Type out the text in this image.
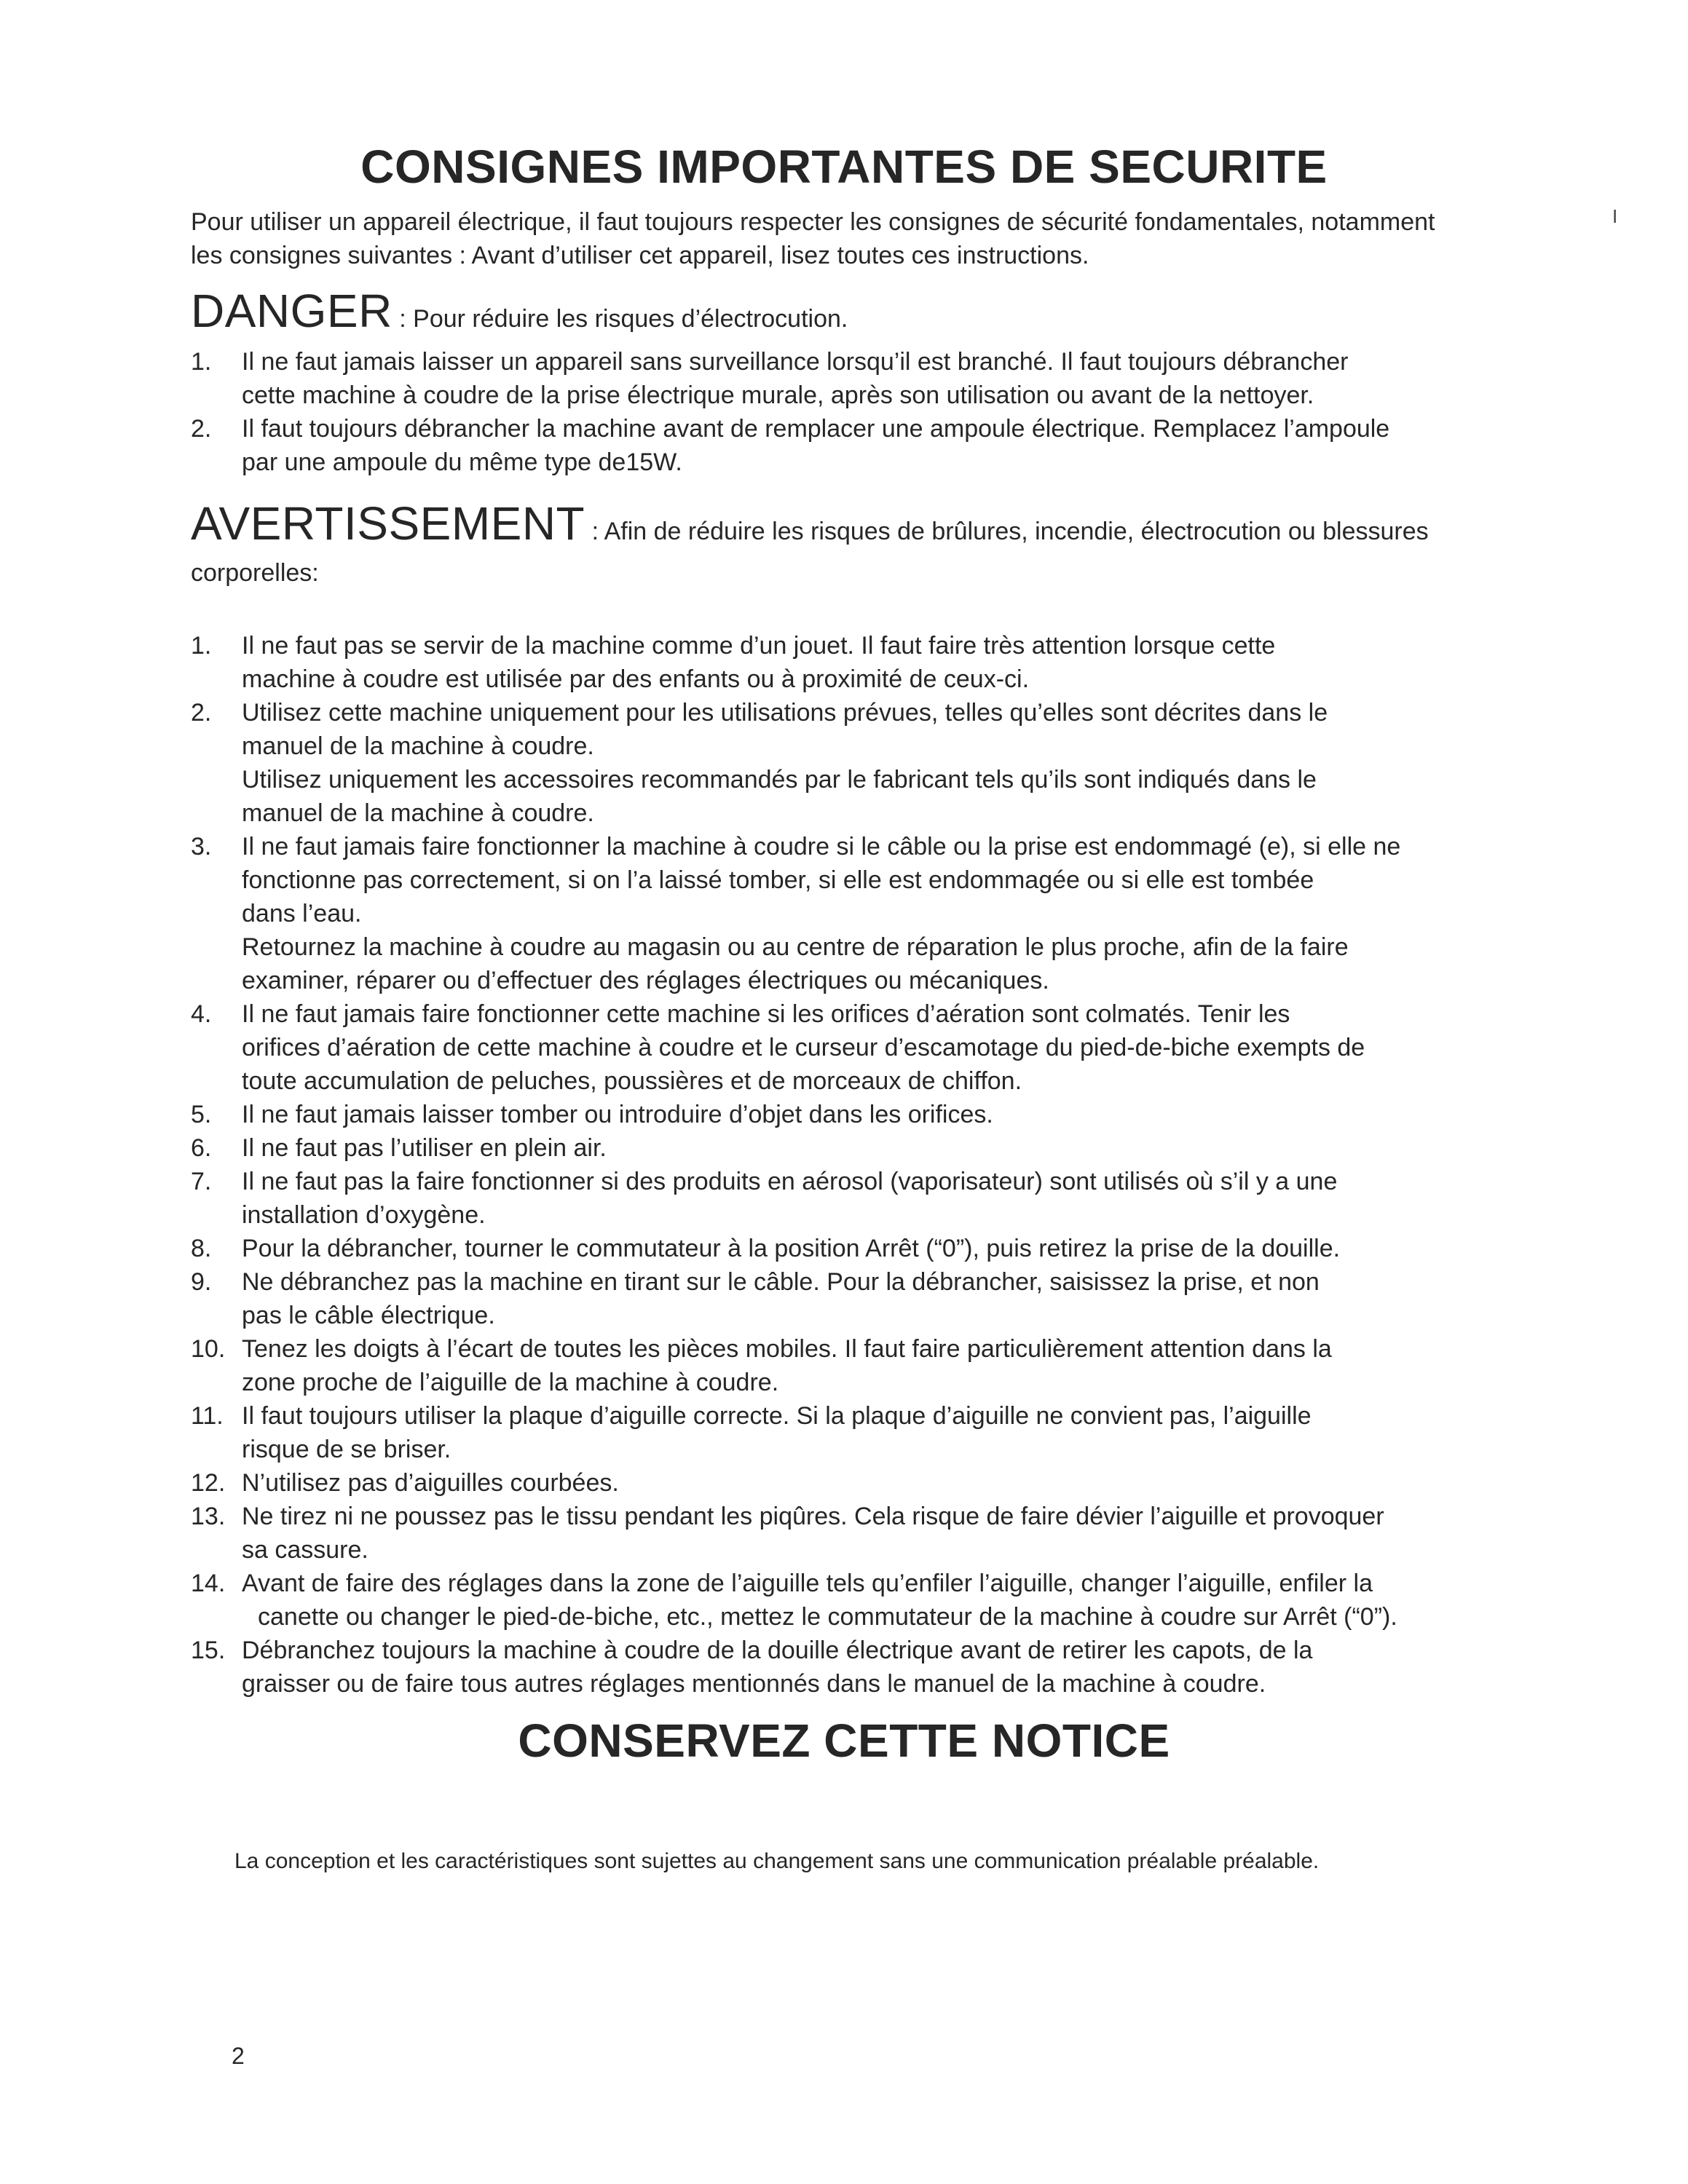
CONSIGNES IMPORTANTES DE SECURITE
I
Pour utiliser un appareil électrique, il faut toujours respecter les consignes de sécurité fondamentales, notamment
les consignes suivantes : Avant d’utiliser cet appareil, lisez toutes ces instructions.
DANGER : Pour réduire les risques d’électrocution.
1. Il ne faut jamais laisser un appareil sans surveillance lorsqu’il est branché. Il faut toujours débrancher
cette machine à coudre de la prise électrique murale, après son utilisation ou avant de la nettoyer.
2. Il faut toujours débrancher la machine avant de remplacer une ampoule électrique. Remplacez l’ampoule
par une ampoule du même type de15W.
AVERTISSEMENT : Afin de réduire les risques de brûlures, incendie, électrocution ou blessures
corporelles:
1. Il ne faut pas se servir de la machine comme d’un jouet. Il faut faire très attention lorsque cette
machine à coudre est utilisée par des enfants ou à proximité de ceux-ci.
2. Utilisez cette machine uniquement pour les utilisations prévues, telles qu’elles sont décrites dans le
manuel de la machine à coudre.
Utilisez uniquement les accessoires recommandés par le fabricant tels qu’ils sont indiqués dans le
manuel de la machine à coudre.
3. Il ne faut jamais faire fonctionner la machine à coudre si le câble ou la prise est endommagé (e), si elle ne
fonctionne pas correctement, si on l’a laissé tomber, si elle est endommagée ou si elle est tombée
dans l’eau.
Retournez la machine à coudre au magasin ou au centre de réparation le plus proche, afin de la faire
examiner, réparer ou d’effectuer des réglages électriques ou mécaniques.
4. Il ne faut jamais faire fonctionner cette machine si les orifices d’aération sont colmatés. Tenir les
orifices d’aération de cette machine à coudre et le curseur d’escamotage du pied-de-biche exempts de
toute accumulation de peluches, poussières et de morceaux de chiffon.
5. Il ne faut jamais laisser tomber ou introduire d’objet dans les orifices.
6. Il ne faut pas l’utiliser en plein air.
7. Il ne faut pas la faire fonctionner si des produits en aérosol (vaporisateur) sont utilisés où s’il y a une
installation d’oxygène.
8. Pour la débrancher, tourner le commutateur à la position Arrêt (“0”), puis retirez la prise de la douille.
9. Ne débranchez pas la machine en tirant sur le câble. Pour la débrancher, saisissez la prise, et non
pas le câble électrique.
10. Tenez les doigts à l’écart de toutes les pièces mobiles. Il faut faire particulièrement attention dans la
zone proche de l’aiguille de la machine à coudre.
11. Il faut toujours utiliser la plaque d’aiguille correcte. Si la plaque d’aiguille ne convient pas, l’aiguille
risque de se briser.
12. N’utilisez pas d’aiguilles courbées.
13. Ne tirez ni ne poussez pas le tissu pendant les piqûres. Cela risque de faire dévier l’aiguille et provoquer
sa cassure.
14. Avant de faire des réglages dans la zone de l’aiguille tels qu’enfiler l’aiguille, changer l’aiguille, enfiler la
canette ou changer le pied-de-biche, etc., mettez le commutateur de la machine à coudre sur Arrêt (“0”).
15. Débranchez toujours la machine à coudre de la douille électrique avant de retirer les capots, de la
graisser ou de faire tous autres réglages mentionnés dans le manuel de la machine à coudre.
CONSERVEZ CETTE NOTICE
La conception et les caractéristiques sont sujettes au changement sans une communication préalable préalable.
2
